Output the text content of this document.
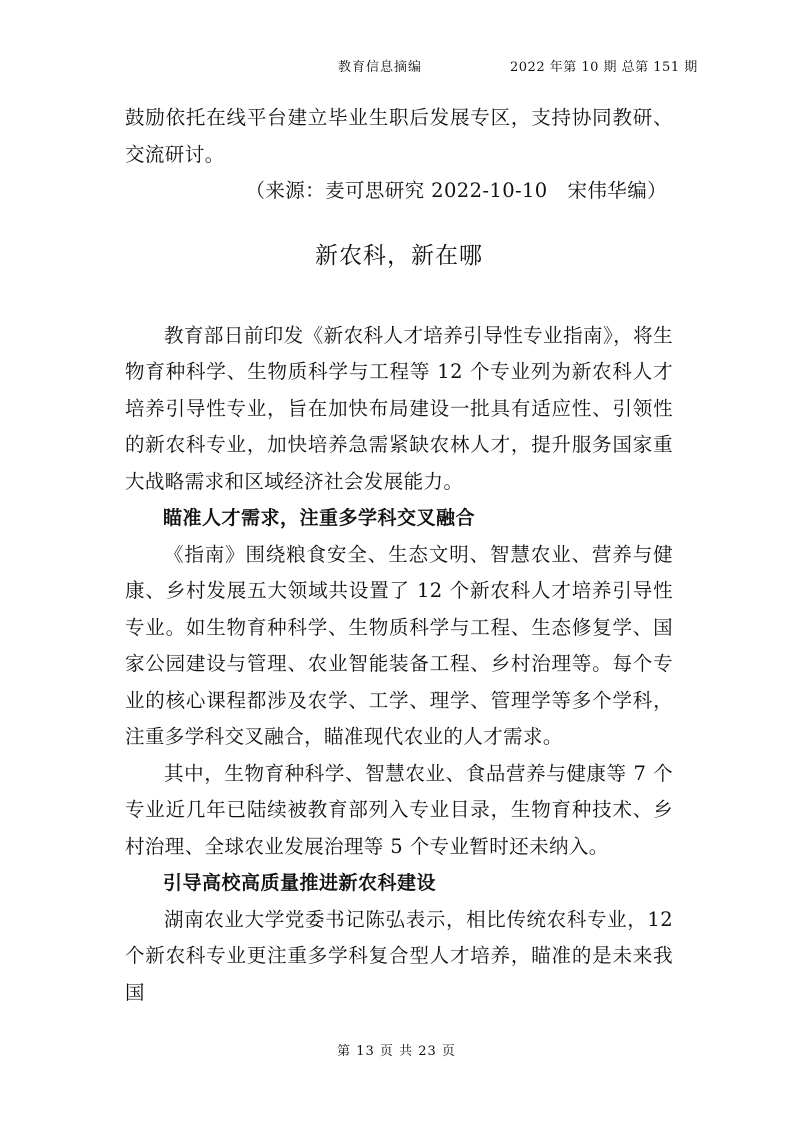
教育信息摘编	2022 年第 10 期 总第 151 期

鼓励依托在线平台建立毕业生职后发展专区，支持协同教研、交流研讨。

（来源：麦可思研究 2022-10-10　宋伟华编）

新农科，新在哪

教育部日前印发《新农科人才培养引导性专业指南》，将生物育种科学、生物质科学与工程等 12 个专业列为新农科人才培养引导性专业，旨在加快布局建设一批具有适应性、引领性的新农科专业，加快培养急需紧缺农林人才，提升服务国家重大战略需求和区域经济社会发展能力。

瞄准人才需求，注重多学科交叉融合

《指南》围绕粮食安全、生态文明、智慧农业、营养与健康、乡村发展五大领域共设置了 12 个新农科人才培养引导性专业。如生物育种科学、生物质科学与工程、生态修复学、国家公园建设与管理、农业智能装备工程、乡村治理等。每个专业的核心课程都涉及农学、工学、理学、管理学等多个学科，注重多学科交叉融合，瞄准现代农业的人才需求。

其中，生物育种科学、智慧农业、食品营养与健康等 7 个专业近几年已陆续被教育部列入专业目录，生物育种技术、乡村治理、全球农业发展治理等 5 个专业暂时还未纳入。

引导高校高质量推进新农科建设

湖南农业大学党委书记陈弘表示，相比传统农科专业，12 个新农科专业更注重多学科复合型人才培养，瞄准的是未来我国

第 13 页 共 23 页
